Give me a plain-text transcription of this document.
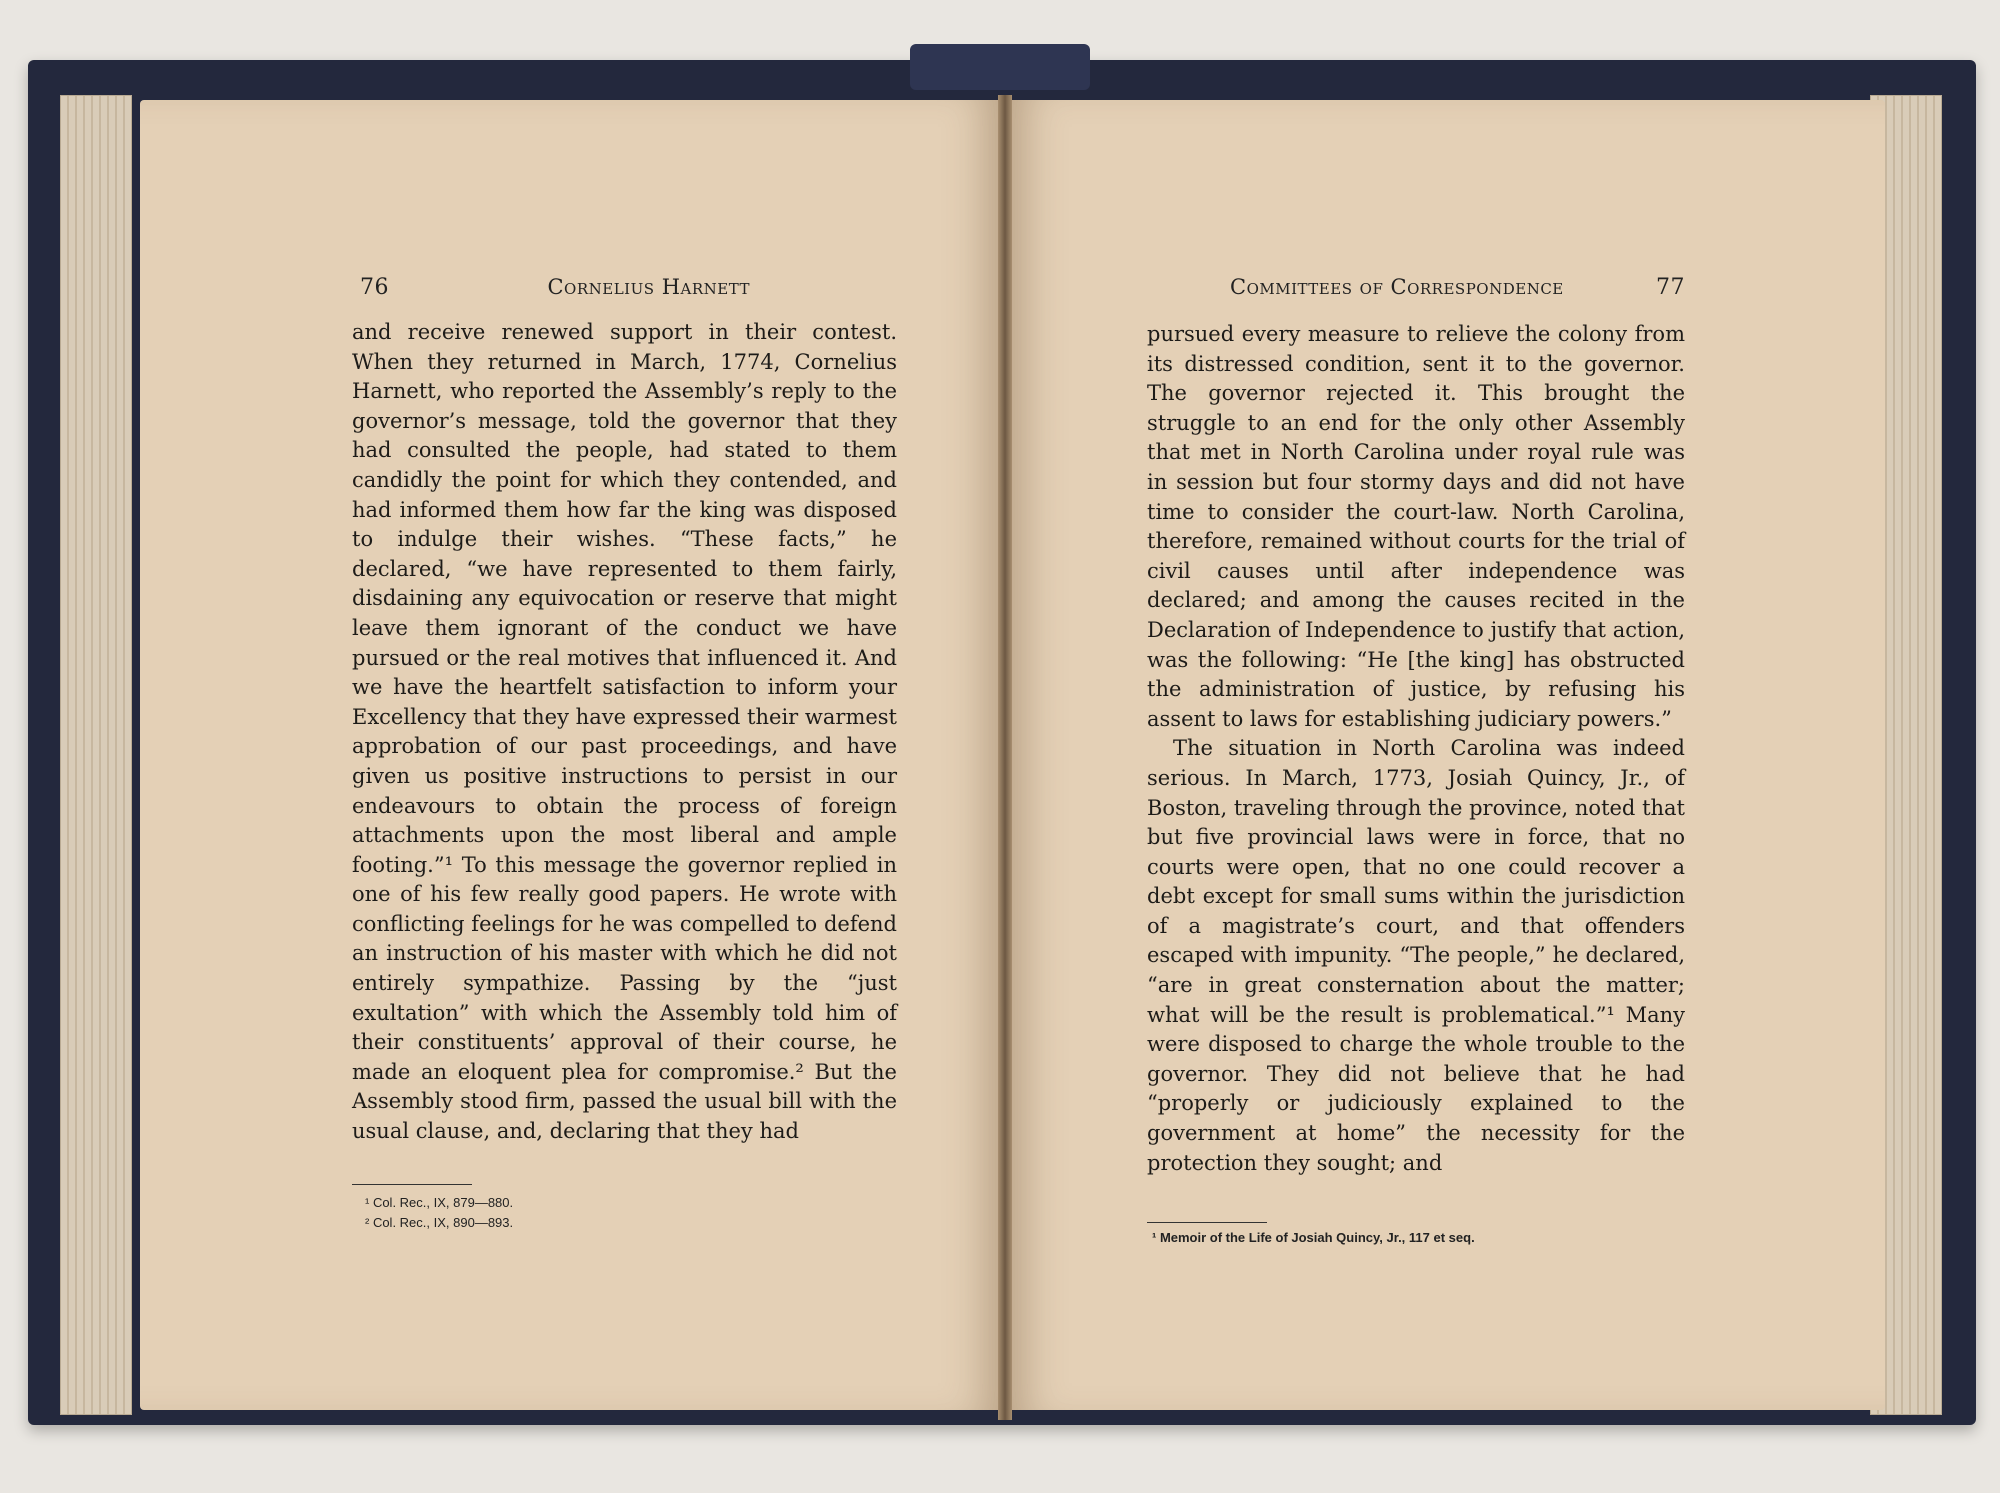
76	Cornelius Harnett

and receive renewed support in their contest. When they returned in March, 1774, Cornelius Harnett, who reported the Assembly’s reply to the governor’s message, told the governor that they had consulted the people, had stated to them candidly the point for which they contended, and had informed them how far the king was disposed to indulge their wishes. “These facts,” he declared, “we have represented to them fairly, disdaining any equivocation or reserve that might leave them ignorant of the conduct we have pursued or the real motives that influenced it. And we have the heartfelt satisfaction to inform your Excellency that they have expressed their warmest approbation of our past proceedings, and have given us positive instructions to persist in our endeavours to obtain the process of foreign attachments upon the most liberal and ample footing.”¹ To this message the governor replied in one of his few really good papers. He wrote with conflicting feelings for he was compelled to defend an instruction of his master with which he did not entirely sympathize. Passing by the “just exultation” with which the Assembly told him of their constituents’ approval of their course, he made an eloquent plea for compromise.² But the Assembly stood firm, passed the usual bill with the usual clause, and, declaring that they had

¹ Col. Rec., IX, 879—880.
² Col. Rec., IX, 890—893.
Committees of Correspondence	77

pursued every measure to relieve the colony from its distressed condition, sent it to the governor. The governor rejected it. This brought the struggle to an end for the only other Assembly that met in North Carolina under royal rule was in session but four stormy days and did not have time to consider the court-law. North Carolina, therefore, remained without courts for the trial of civil causes until after independence was declared; and among the causes recited in the Declaration of Independence to justify that action, was the following: “He [the king] has obstructed the administration of justice, by refusing his assent to laws for establishing judiciary powers.”

The situation in North Carolina was indeed serious. In March, 1773, Josiah Quincy, Jr., of Boston, traveling through the province, noted that but five provincial laws were in force, that no courts were open, that no one could recover a debt except for small sums within the jurisdiction of a magistrate’s court, and that offenders escaped with impunity. “The people,” he declared, “are in great consternation about the matter; what will be the result is problematical.”¹ Many were disposed to charge the whole trouble to the governor. They did not believe that he had “properly or judiciously explained to the government at home” the necessity for the protection they sought; and

¹ Memoir of the Life of Josiah Quincy, Jr., 117 et seq.
